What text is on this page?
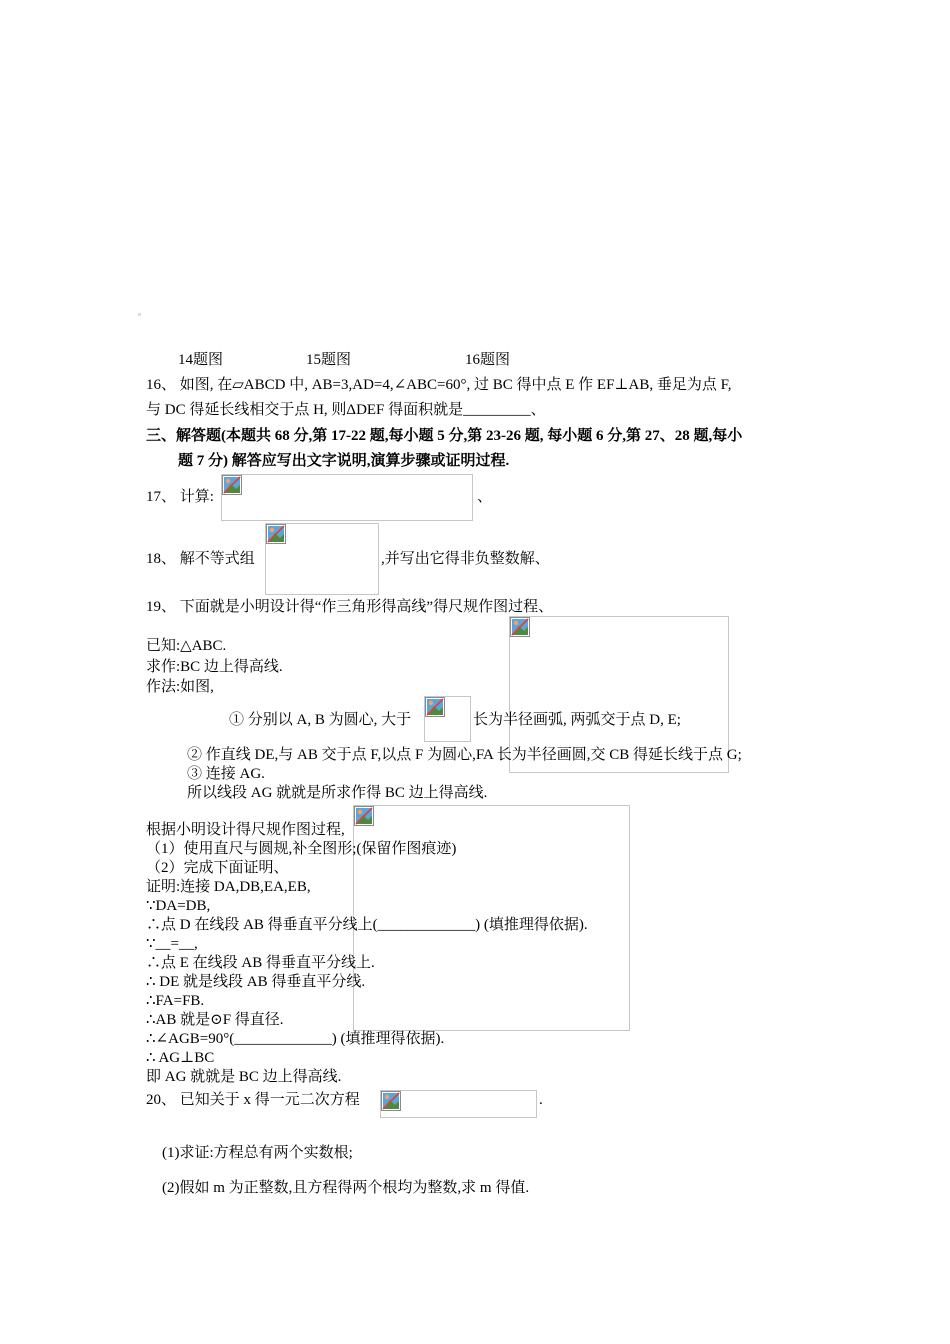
14题图	15题图	16题图
16、 如图, 在▱ABCD 中, AB=3,AD=4,∠ABC=60°, 过 BC 得中点 E 作 EF⊥AB, 垂足为点 F,
与 DC 得延长线相交于点 H, 则ΔDEF 得面积就是_________、
三、解答题(本题共 68 分,第 17-22 题,每小题 5 分,第 23-26 题, 每小题 6 分,第 27、28 题,每小
题 7 分) 解答应写出文字说明,演算步骤或证明过程.
17、 计算:	、
18、 解不等式组	,并写出它得非负整数解、
19、 下面就是小明设计得“作三角形得高线”得尺规作图过程、
已知:△ABC.
求作:BC 边上得高线.
作法:如图,
① 分别以 A, B 为圆心, 大于	长为半径画弧, 两弧交于点 D, E;
② 作直线 DE,与 AB 交于点 F,以点 F 为圆心,FA 长为半径画圆,交 CB 得延长线于点 G;
③ 连接 AG.
所以线段 AG 就就是所求作得 BC 边上得高线.
根据小明设计得尺规作图过程,
（1）使用直尺与圆规,补全图形;(保留作图痕迹)
（2）完成下面证明、
证明:连接 DA,DB,EA,EB,
∵DA=DB,
∴点 D 在线段 AB 得垂直平分线上(_____________) (填推理得依据).
∵__=__,
∴点 E 在线段 AB 得垂直平分线上.
∴ DE 就是线段 AB 得垂直平分线.
∴FA=FB.
∴AB 就是⊙F 得直径.
∴∠AGB=90°(_____________) (填推理得依据).
∴ AG⊥BC
即 AG 就就是 BC 边上得高线.
20、 已知关于 x 得一元二次方程	.
(1)求证:方程总有两个实数根;
(2)假如 m 为正整数,且方程得两个根均为整数,求 m 得值.
